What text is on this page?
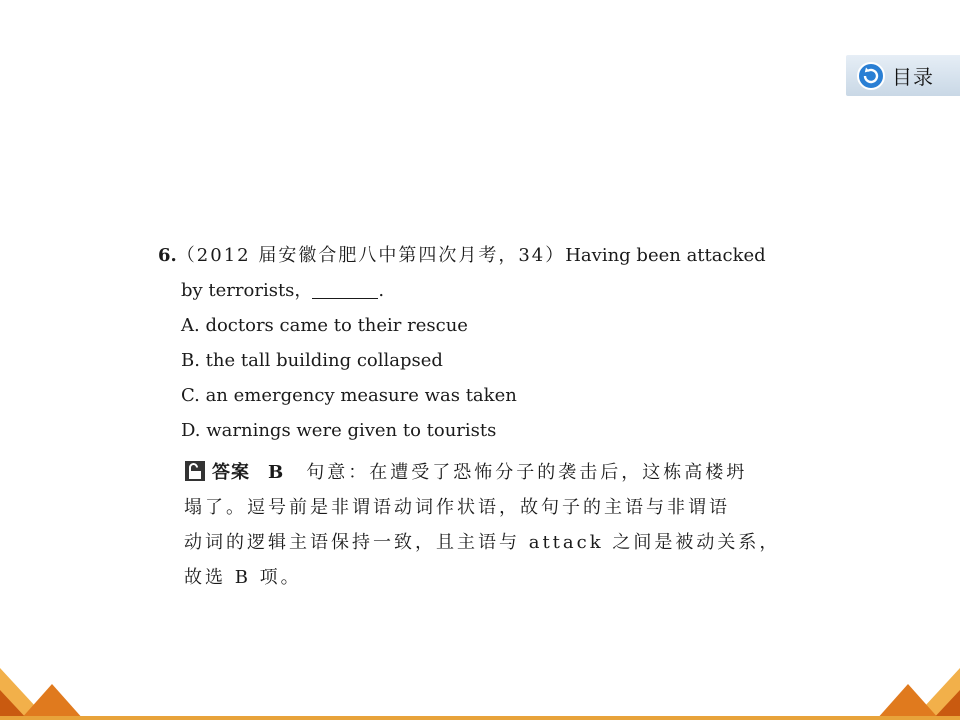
目录
6.（2012 届安徽合肥八中第四次月考，34）Having been attacked
by terrorists，	.
A. doctors came to their rescue
B. the tall building collapsed
C. an emergency measure was taken
D. warnings were given to tourists
答案 B 句意：在遭受了恐怖分子的袭击后，这栋高楼坍
塌了。逗号前是非谓语动词作状语，故句子的主语与非谓语
动词的逻辑主语保持一致，且主语与 attack 之间是被动关系，
故选 B 项。
